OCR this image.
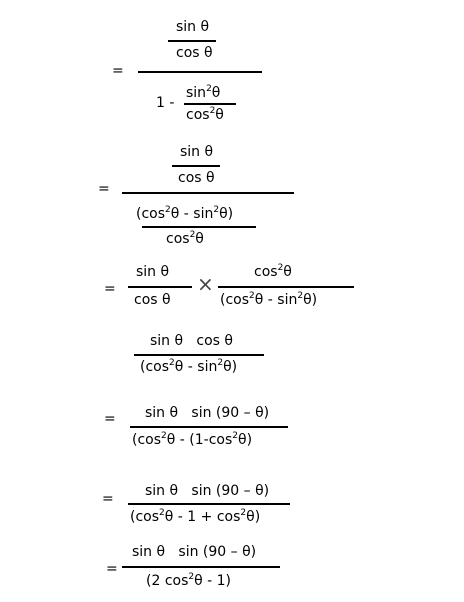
=
sin θ
cos θ
1 -
$\sin^2\theta$
$\cos^2\theta$
=
sin θ
cos θ
$(\cos^2\theta - \sin^2\theta)$
$\cos^2\theta$
=
sin θ
cos θ
×	$\cos^2\theta$
$(\cos^2\theta - \sin^2\theta)$
sin θ   cos θ
$(\cos^2\theta - \sin^2\theta)$
= sin θ   sin (90 – θ)
($\cos^2\theta - (1-\cos^2\theta)$
= sin θ   sin (90 – θ)
$(\cos^2\theta - 1 + \cos^2\theta)$
=
sin θ   sin (90 – θ)
(2 $\cos^2\theta - 1$)
